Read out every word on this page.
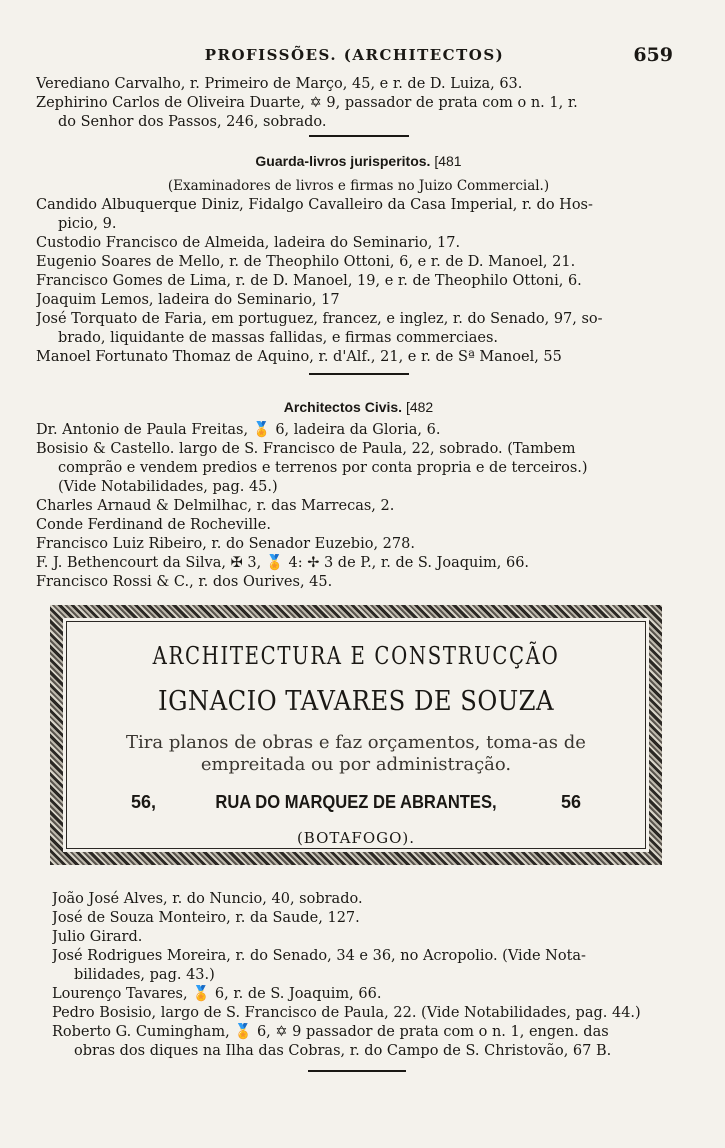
PROFISSÕES. (ARCHITECTOS)	659
Verediano Carvalho, r. Primeiro de Março, 45, e r. de D. Luiza, 63.
Zephirino Carlos de Oliveira Duarte, ✡ 9, passador de prata com o n. 1, r.
do Senhor dos Passos, 246, sobrado.
Guarda-livros jurisperitos. [481
(Examinadores de livros e firmas no Juizo Commercial.)
Candido Albuquerque Diniz, Fidalgo Cavalleiro da Casa Imperial, r. do Hos-
picio, 9.
Custodio Francisco de Almeida, ladeira do Seminario, 17.
Eugenio Soares de Mello, r. de Theophilo Ottoni, 6, e r. de D. Manoel, 21.
Francisco Gomes de Lima, r. de D. Manoel, 19, e r. de Theophilo Ottoni, 6.
Joaquim Lemos, ladeira do Seminario, 17
José Torquato de Faria, em portuguez, francez, e inglez, r. do Senado, 97, so-
brado, liquidante de massas fallidas, e firmas commerciaes.
Manoel Fortunato Thomaz de Aquino, r. d'Alf., 21, e r. de Sª Manoel, 55
Architectos Civis. [482
Dr. Antonio de Paula Freitas, 🏅 6, ladeira da Gloria, 6.
Bosisio & Castello. largo de S. Francisco de Paula, 22, sobrado. (Tambem
comprão e vendem predios e terrenos por conta propria e de terceiros.)
(Vide Notabilidades, pag. 45.)
Charles Arnaud & Delmilhac, r. das Marrecas, 2.
Conde Ferdinand de Rocheville.
Francisco Luiz Ribeiro, r. do Senador Euzebio, 278.
F. J. Bethencourt da Silva, ✠ 3, 🏅 4: ✢ 3 de P., r. de S. Joaquim, 66.
Francisco Rossi & C., r. dos Ourives, 45.
ARCHITECTURA E CONSTRUCÇÃO
IGNACIO TAVARES DE SOUZA
Tira planos de obras e faz orçamentos, toma-as de
empreitada ou por administração.
56,	RUA DO MARQUEZ DE ABRANTES,	56
(BOTAFOGO).
João José Alves, r. do Nuncio, 40, sobrado.
José de Souza Monteiro, r. da Saude, 127.
Julio Girard.
José Rodrigues Moreira, r. do Senado, 34 e 36, no Acropolio. (Vide Nota-
bilidades, pag. 43.)
Lourenço Tavares, 🏅 6, r. de S. Joaquim, 66.
Pedro Bosisio, largo de S. Francisco de Paula, 22. (Vide Notabilidades, pag. 44.)
Roberto G. Cumingham, 🏅 6, ✡ 9 passador de prata com o n. 1, engen. das
obras dos diques na Ilha das Cobras, r. do Campo de S. Christovão, 67 B.
